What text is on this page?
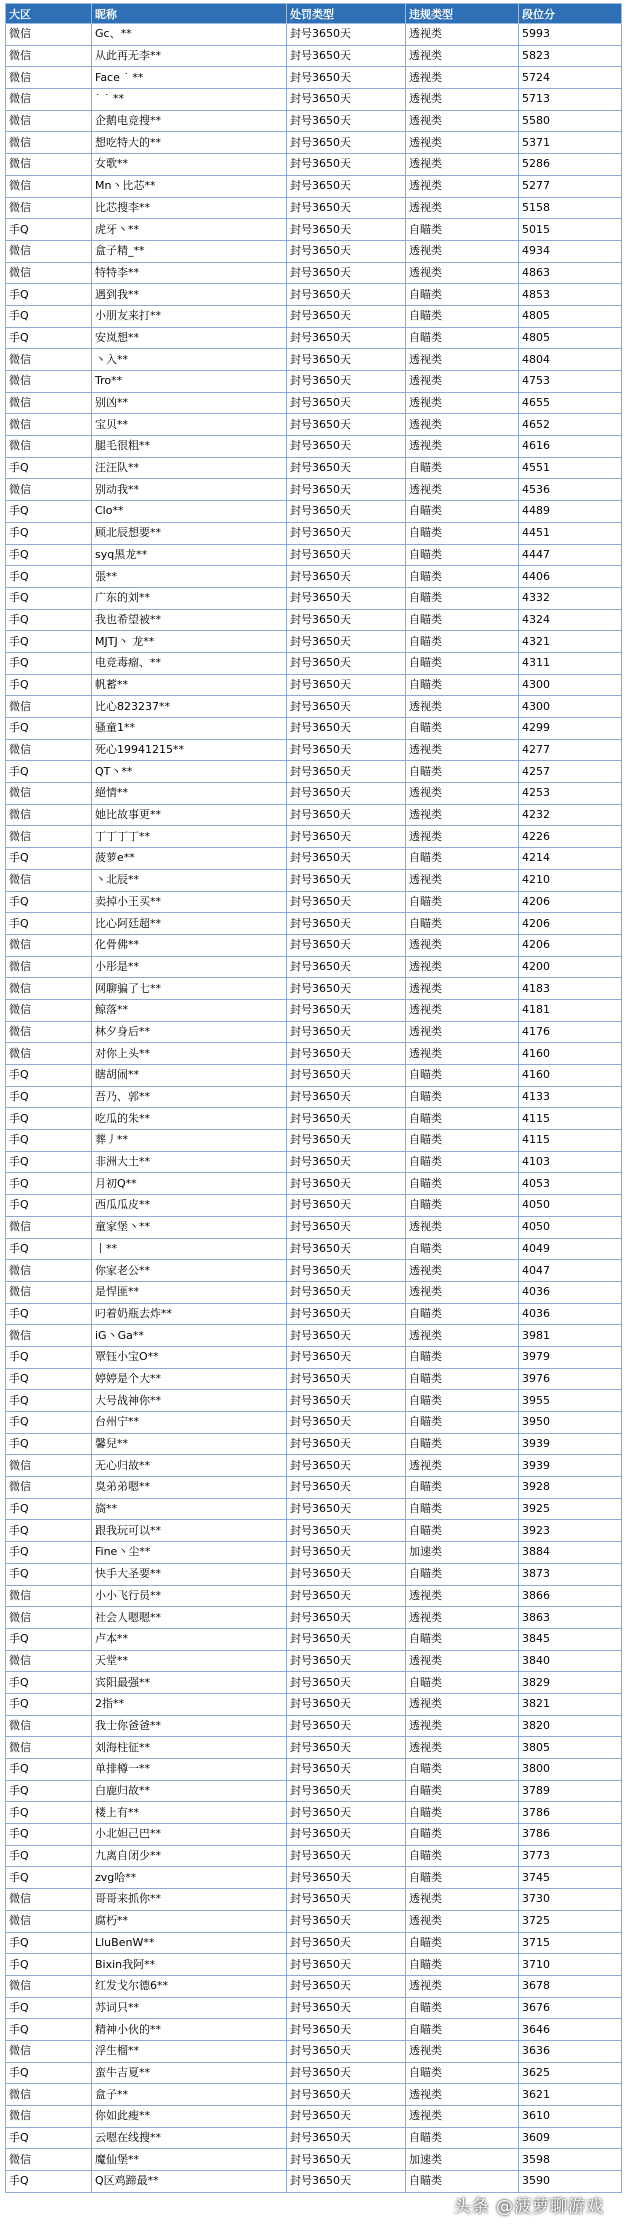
大区	昵称	处罚类型	违规类型	段位分
微信	Gc、**	封号3650天	透视类	5993
微信	从此再无李**	封号3650天	透视类	5823
微信	Face ˙ **	封号3650天	透视类	5724
微信	˙ ˙ **	封号3650天	透视类	5713
微信	企鹅电竞搜**	封号3650天	透视类	5580
微信	想吃特大的**	封号3650天	透视类	5371
微信	女歌**	封号3650天	透视类	5286
微信	Mn丶比芯**	封号3650天	透视类	5277
微信	比芯搜李**	封号3650天	透视类	5158
手Q	虎牙丶**	封号3650天	自瞄类	5015
微信	盒子精_**	封号3650天	透视类	4934
微信	特特李**	封号3650天	透视类	4863
手Q	遇到我**	封号3650天	自瞄类	4853
手Q	小朋友来打**	封号3650天	自瞄类	4805
手Q	安岚想**	封号3650天	自瞄类	4805
微信	丶入**	封号3650天	透视类	4804
微信	Tro**	封号3650天	透视类	4753
微信	别凶**	封号3650天	透视类	4655
微信	宝贝**	封号3650天	透视类	4652
微信	腿毛很粗**	封号3650天	透视类	4616
手Q	汪汪队**	封号3650天	自瞄类	4551
微信	别动我**	封号3650天	透视类	4536
手Q	Clo**	封号3650天	自瞄类	4489
手Q	顾北辰想要**	封号3650天	自瞄类	4451
手Q	syq黑龙**	封号3650天	自瞄类	4447
手Q	張**	封号3650天	自瞄类	4406
手Q	广东的刘**	封号3650天	自瞄类	4332
手Q	我也希望被**	封号3650天	自瞄类	4324
手Q	MJTJ丶 龙**	封号3650天	自瞄类	4321
手Q	电竞毒瘤、**	封号3650天	自瞄类	4311
手Q	帆蓄**	封号3650天	自瞄类	4300
微信	比心823237**	封号3650天	透视类	4300
手Q	骚童1**	封号3650天	自瞄类	4299
微信	死心19941215**	封号3650天	透视类	4277
手Q	QT丶**	封号3650天	自瞄类	4257
微信	絕情**	封号3650天	透视类	4253
微信	她比故事更**	封号3650天	透视类	4232
微信	丁丁丁丁**	封号3650天	透视类	4226
手Q	菠萝e**	封号3650天	自瞄类	4214
微信	丶北辰**	封号3650天	透视类	4210
手Q	卖掉小王买**	封号3650天	自瞄类	4206
手Q	比心阿廷超**	封号3650天	自瞄类	4206
微信	化骨佛**	封号3650天	透视类	4206
微信	小彤是**	封号3650天	透视类	4200
微信	网聊骗了七**	封号3650天	透视类	4183
微信	鲸落**	封号3650天	透视类	4181
微信	林夕身后**	封号3650天	透视类	4176
微信	对你上头**	封号3650天	透视类	4160
手Q	瞎胡闹**	封号3650天	自瞄类	4160
手Q	吾乃、郭**	封号3650天	自瞄类	4133
手Q	吃瓜的朱**	封号3650天	自瞄类	4115
手Q	葬丿**	封号3650天	自瞄类	4115
手Q	非洲大土**	封号3650天	自瞄类	4103
手Q	月初Q**	封号3650天	自瞄类	4053
手Q	西瓜瓜皮**	封号3650天	自瞄类	4050
微信	童家堡丶**	封号3650天	透视类	4050
手Q	丨**	封号3650天	自瞄类	4049
微信	你家老公**	封号3650天	透视类	4047
微信	是悍匪**	封号3650天	透视类	4036
手Q	叼着奶瓶去炸**	封号3650天	自瞄类	4036
微信	iG丶Ga**	封号3650天	透视类	3981
手Q	覃钰小宝O**	封号3650天	自瞄类	3979
手Q	婷婷是个大**	封号3650天	自瞄类	3976
手Q	大号战神你**	封号3650天	自瞄类	3955
手Q	台州宁**	封号3650天	自瞄类	3950
手Q	馨兒**	封号3650天	自瞄类	3939
微信	无心归故**	封号3650天	透视类	3939
微信	臭弟弟嗯**	封号3650天	自瞄类	3928
手Q	旖**	封号3650天	自瞄类	3925
手Q	跟我玩可以**	封号3650天	自瞄类	3923
手Q	Fine丶尘**	封号3650天	加速类	3884
手Q	快手大圣要**	封号3650天	自瞄类	3873
微信	小小飞行员**	封号3650天	透视类	3866
微信	社会人嗯嗯**	封号3650天	透视类	3863
手Q	卢本**	封号3650天	自瞄类	3845
微信	天堂**	封号3650天	透视类	3840
手Q	宾阳最强**	封号3650天	自瞄类	3829
手Q	2指**	封号3650天	透视类	3821
微信	我士你爸爸**	封号3650天	透视类	3820
微信	刘海柱征**	封号3650天	透视类	3805
手Q	单排樽一**	封号3650天	自瞄类	3800
手Q	白鹿归故**	封号3650天	自瞄类	3789
手Q	楼上有**	封号3650天	自瞄类	3786
手Q	小北妲己巴**	封号3650天	自瞄类	3786
手Q	九离自闭少**	封号3650天	自瞄类	3773
手Q	zvg哈**	封号3650天	自瞄类	3745
微信	哥哥来抓你**	封号3650天	透视类	3730
微信	腐朽**	封号3650天	透视类	3725
手Q	LluBenW**	封号3650天	自瞄类	3715
手Q	Bixin我阿**	封号3650天	自瞄类	3710
微信	红发戈尔德6**	封号3650天	透视类	3678
手Q	苏词只**	封号3650天	自瞄类	3676
手Q	精神小伙的**	封号3650天	自瞄类	3646
微信	浮生榴**	封号3650天	透视类	3636
手Q	蛮牛吉夏**	封号3650天	自瞄类	3625
微信	盒子**	封号3650天	透视类	3621
微信	你如此瘦**	封号3650天	透视类	3610
手Q	云嗯在线搜**	封号3650天	自瞄类	3609
微信	魔仙堡**	封号3650天	加速类	3598
手Q	Q区鸡蹄最**	封号3650天	自瞄类	3590
头条 @菠萝聊游戏
